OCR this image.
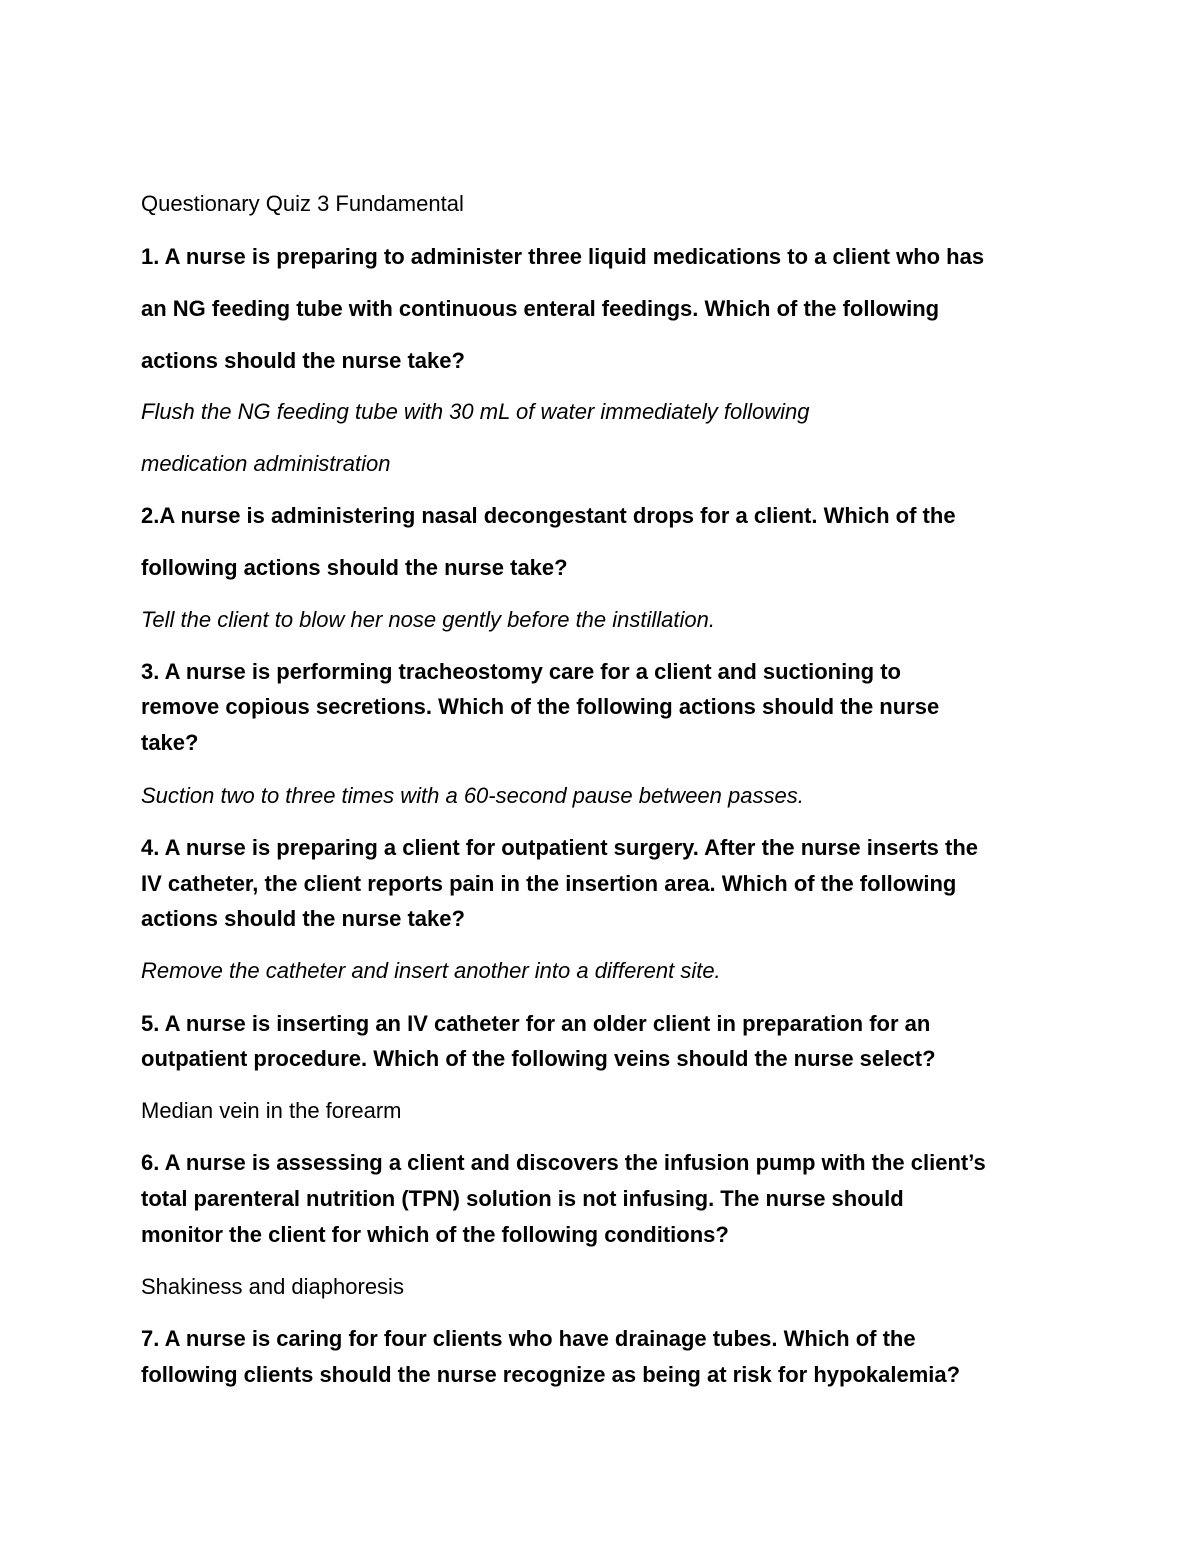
Questionary Quiz 3 Fundamental

1. A nurse is preparing to administer three liquid medications to a client who has

an NG feeding tube with continuous enteral feedings. Which of the following

actions should the nurse take?

Flush the NG feeding tube with 30 mL of water immediately following

medication administration

2.A nurse is administering nasal decongestant drops for a client. Which of the

following actions should the nurse take?

Tell the client to blow her nose gently before the instillation.

3. A nurse is performing tracheostomy care for a client and suctioning to

remove copious secretions. Which of the following actions should the nurse

take?

Suction two to three times with a 60-second pause between passes.

4. A nurse is preparing a client for outpatient surgery. After the nurse inserts the

IV catheter, the client reports pain in the insertion area. Which of the following

actions should the nurse take?

Remove the catheter and insert another into a different site.

5. A nurse is inserting an IV catheter for an older client in preparation for an

outpatient procedure. Which of the following veins should the nurse select?

Median vein in the forearm

6. A nurse is assessing a client and discovers the infusion pump with the client’s

total parenteral nutrition (TPN) solution is not infusing. The nurse should

monitor the client for which of the following conditions?

Shakiness and diaphoresis

7. A nurse is caring for four clients who have drainage tubes. Which of the

following clients should the nurse recognize as being at risk for hypokalemia?
